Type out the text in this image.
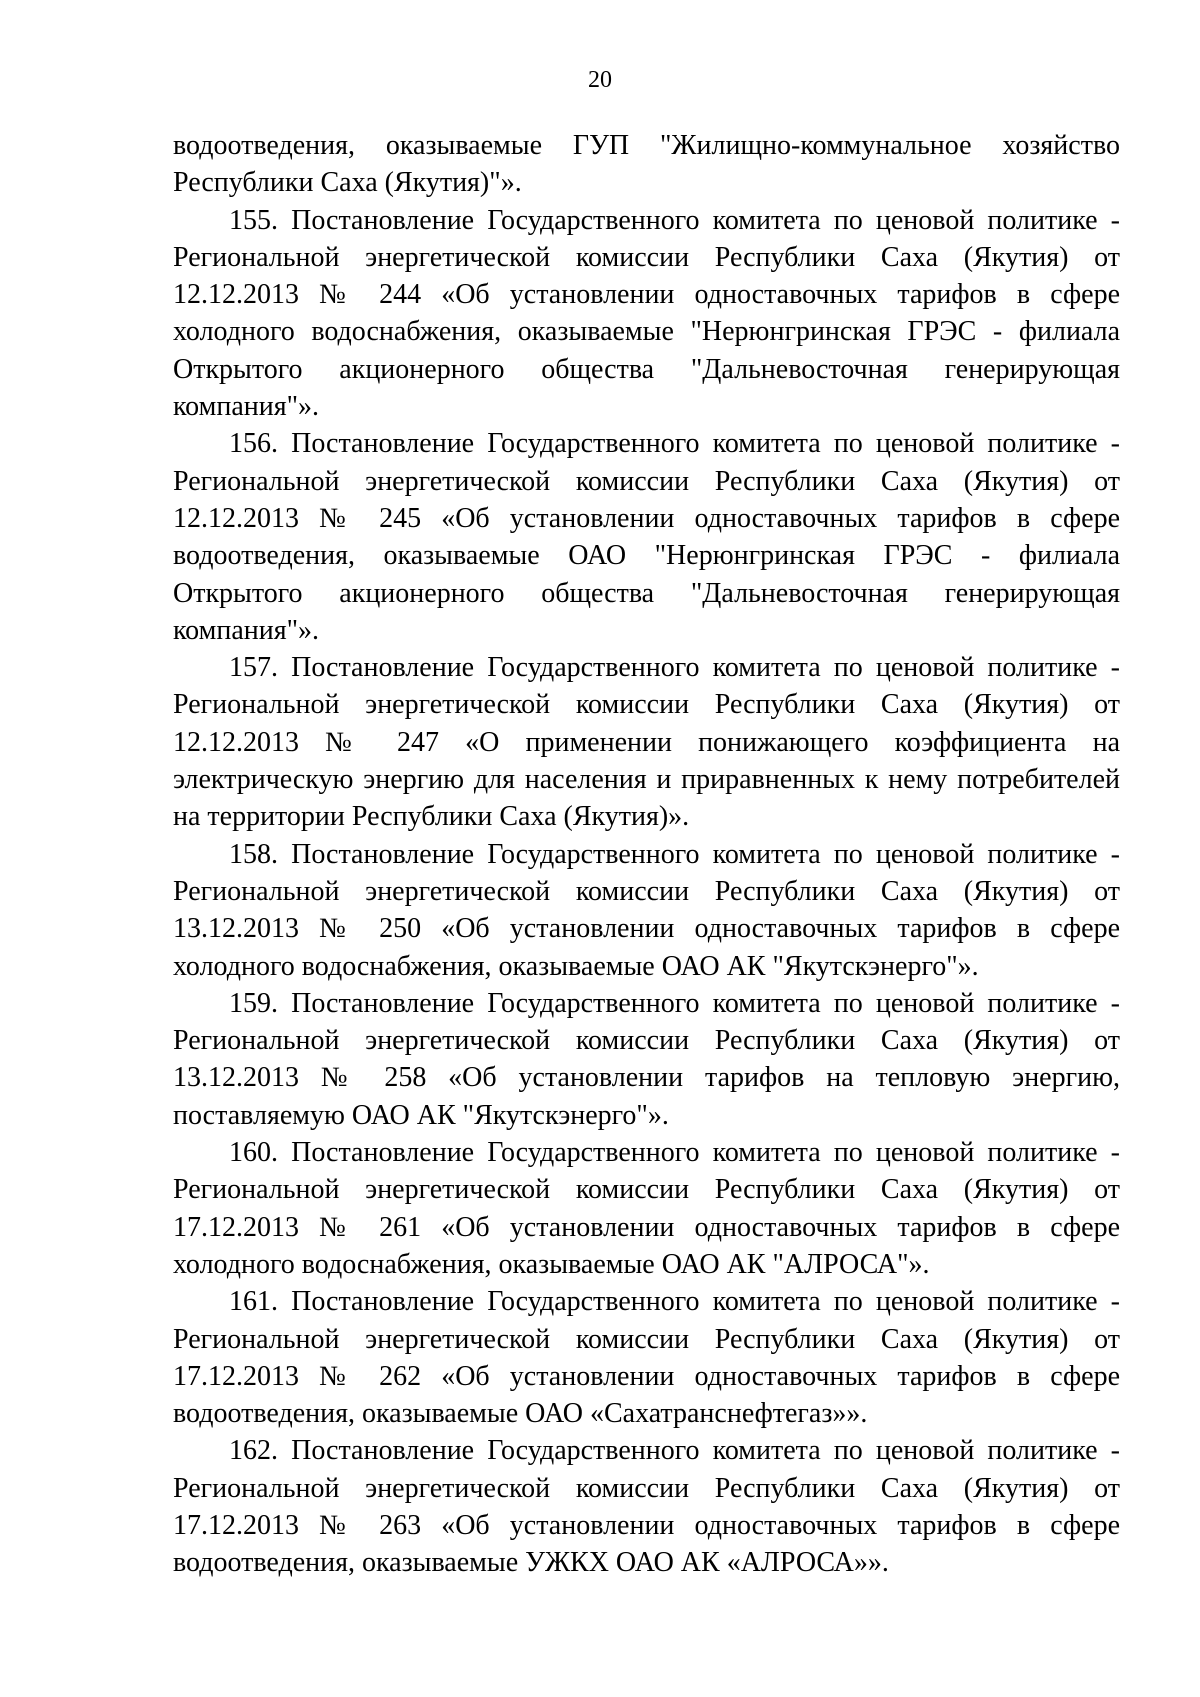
20

водоотведения, оказываемые ГУП "Жилищно-коммунальное хозяйство Республики Саха (Якутия)"».

155. Постановление Государственного комитета по ценовой политике - Региональной энергетической комиссии Республики Саха (Якутия) от 12.12.2013 № 244 «Об установлении одноставочных тарифов в сфере холодного водоснабжения, оказываемые "Нерюнгринская ГРЭС - филиала Открытого акционерного общества "Дальневосточная генерирующая компания"».

156. Постановление Государственного комитета по ценовой политике - Региональной энергетической комиссии Республики Саха (Якутия) от 12.12.2013 № 245 «Об установлении одноставочных тарифов в сфере водоотведения, оказываемые ОАО "Нерюнгринская ГРЭС - филиала Открытого акционерного общества "Дальневосточная генерирующая компания"».

157. Постановление Государственного комитета по ценовой политике - Региональной энергетической комиссии Республики Саха (Якутия) от 12.12.2013 № 247 «О применении понижающего коэффициента на электрическую энергию для населения и приравненных к нему потребителей на территории Республики Саха (Якутия)».

158. Постановление Государственного комитета по ценовой политике - Региональной энергетической комиссии Республики Саха (Якутия) от 13.12.2013 № 250 «Об установлении одноставочных тарифов в сфере холодного водоснабжения, оказываемые ОАО АК "Якутскэнерго"».

159. Постановление Государственного комитета по ценовой политике - Региональной энергетической комиссии Республики Саха (Якутия) от 13.12.2013 № 258 «Об установлении тарифов на тепловую энергию, поставляемую ОАО АК "Якутскэнерго"».

160. Постановление Государственного комитета по ценовой политике - Региональной энергетической комиссии Республики Саха (Якутия) от 17.12.2013 № 261 «Об установлении одноставочных тарифов в сфере холодного водоснабжения, оказываемые ОАО АК "АЛРОСА"».

161. Постановление Государственного комитета по ценовой политике - Региональной энергетической комиссии Республики Саха (Якутия) от 17.12.2013 № 262 «Об установлении одноставочных тарифов в сфере водоотведения, оказываемые ОАО «Сахатранснефтегаз»».

162. Постановление Государственного комитета по ценовой политике - Региональной энергетической комиссии Республики Саха (Якутия) от 17.12.2013 № 263 «Об установлении одноставочных тарифов в сфере водоотведения, оказываемые УЖКХ ОАО АК «АЛРОСА»».
